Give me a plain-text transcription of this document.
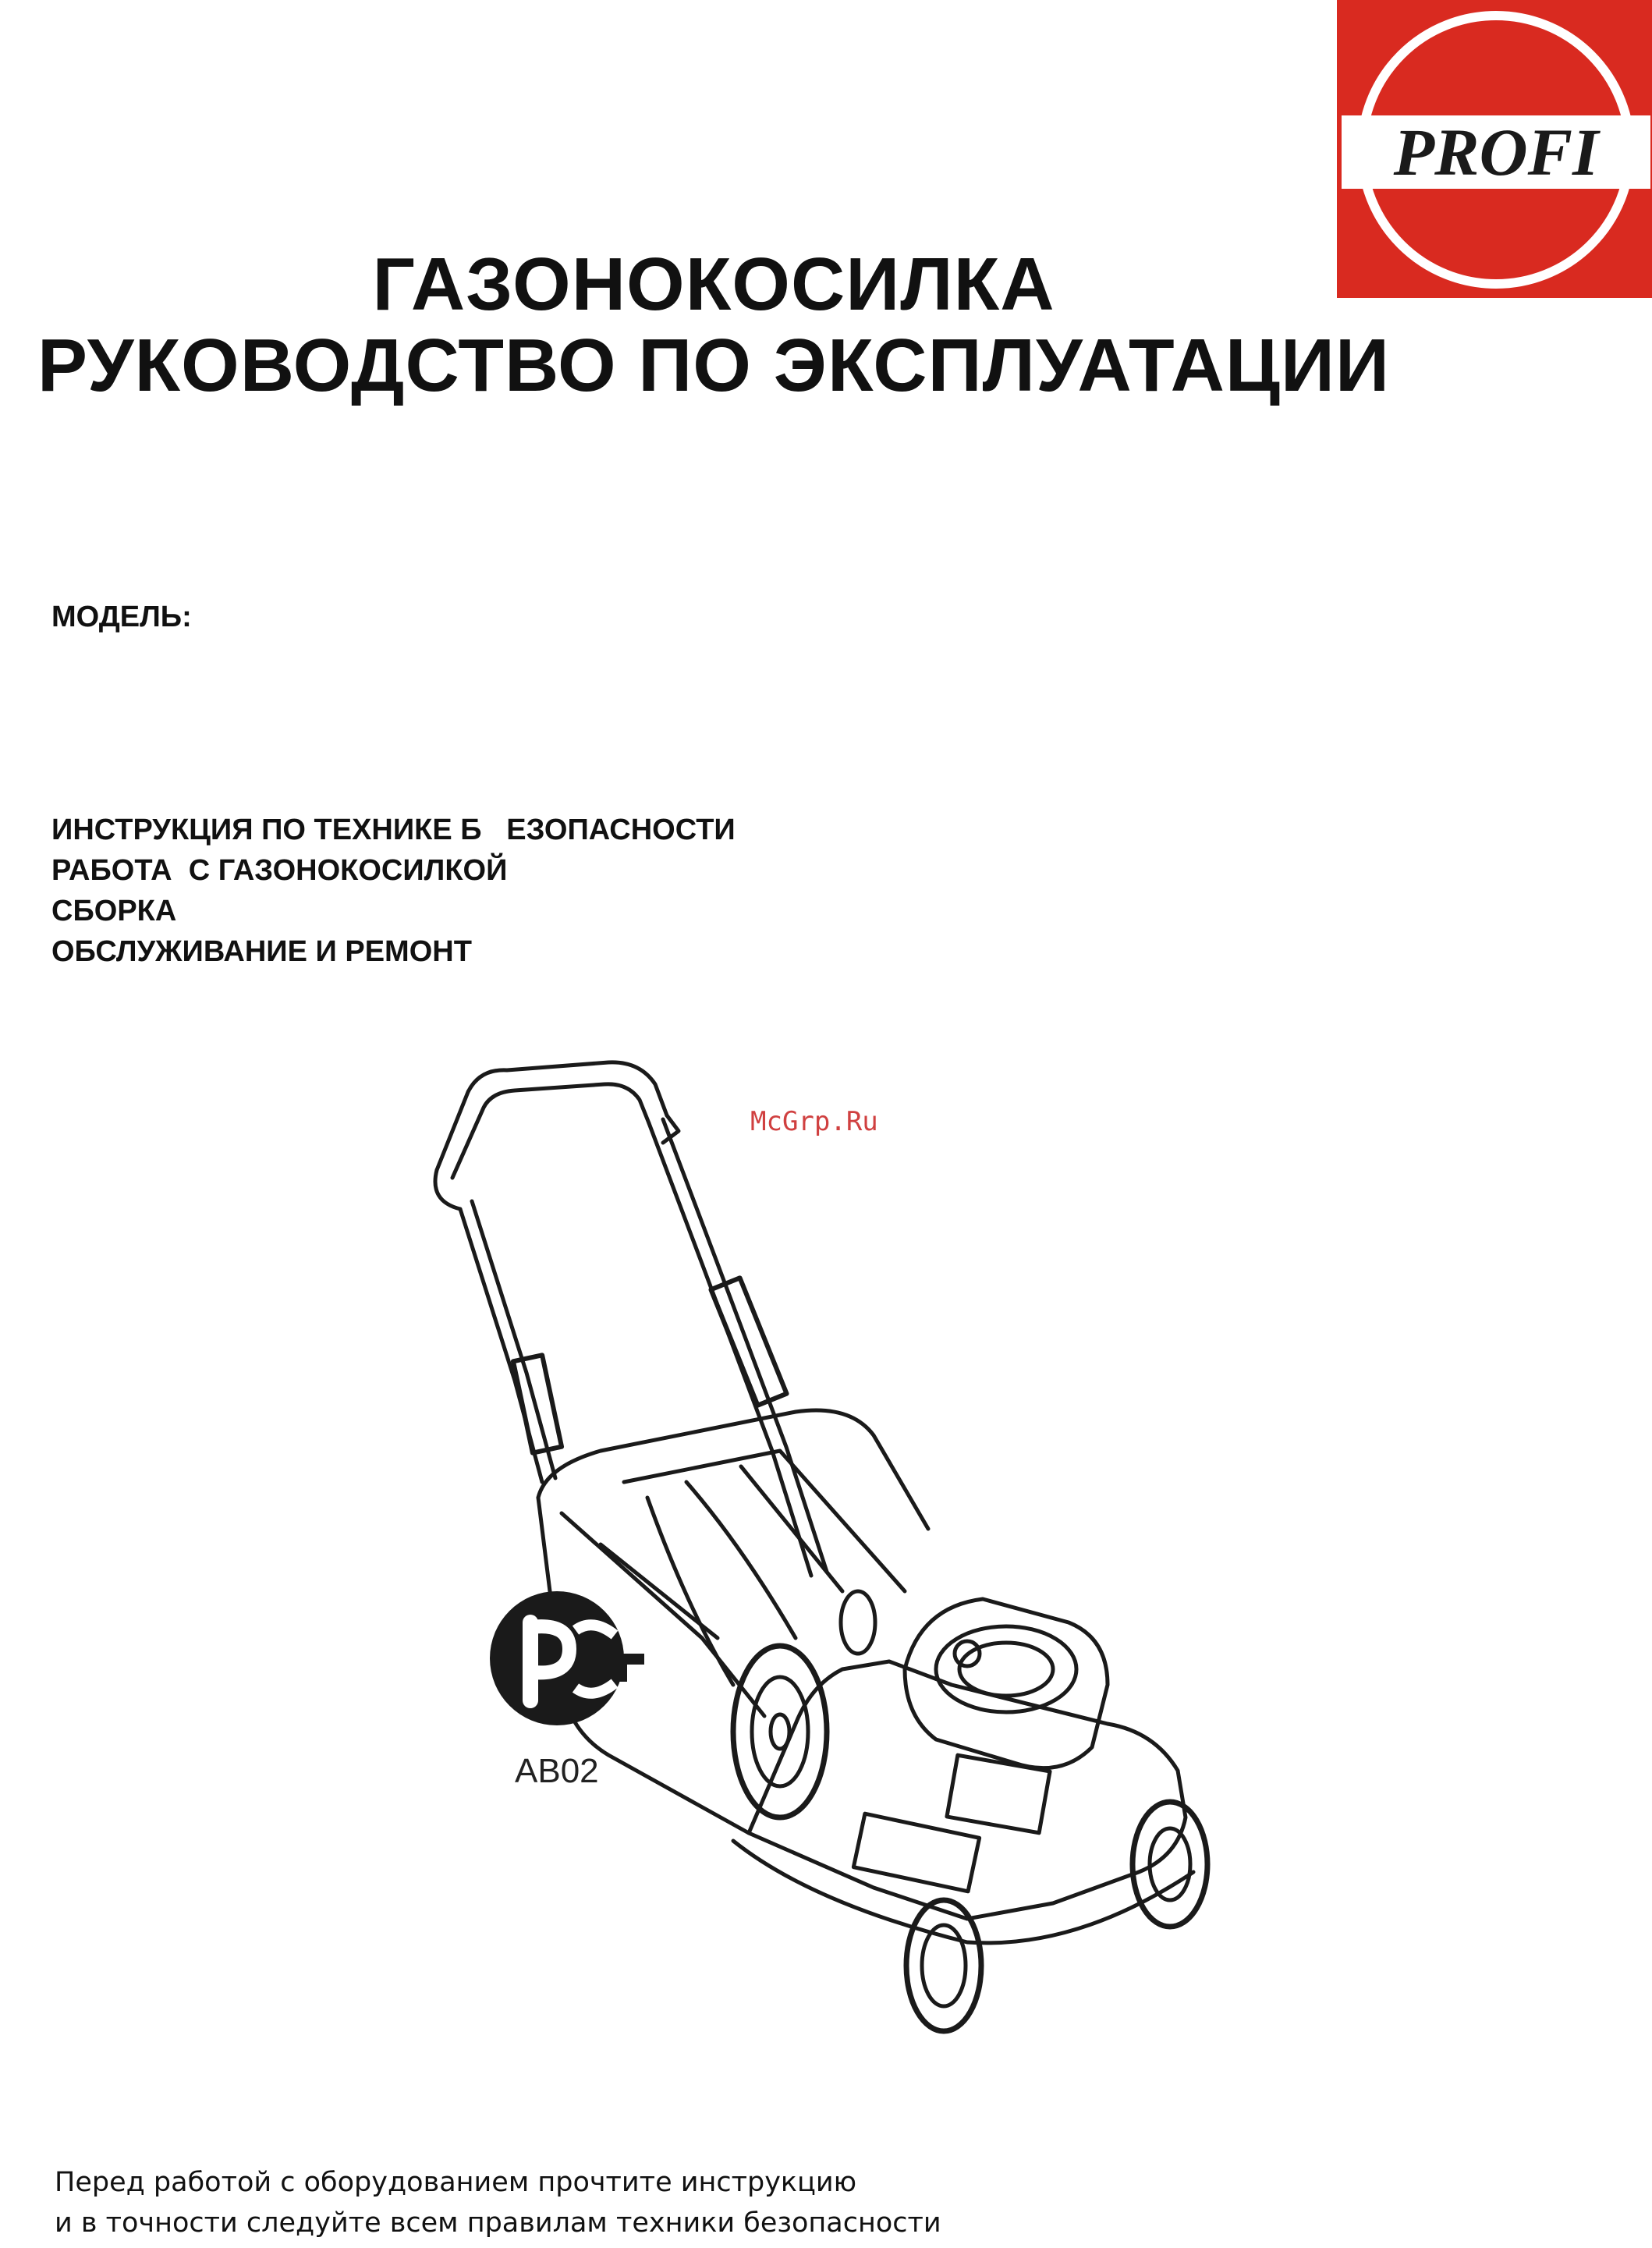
PROFI
ГАЗОНОКОСИЛКА
РУКОВОДСТВО ПО ЭКСПЛУАТАЦИИ
МОДЕЛЬ:
ИНСТРУКЦИЯ ПО ТЕХНИКЕ Б   ЕЗОПАСНОСТИ
РАБОТА  С ГАЗОНОКОСИЛКОЙ
СБОРКА
ОБСЛУЖИВАНИЕ И РЕМОНТ
McGrp.Ru
AB02
Перед работой с оборудованием прочтите инструкцию
и в точности следуйте всем правилам техники безопасности
